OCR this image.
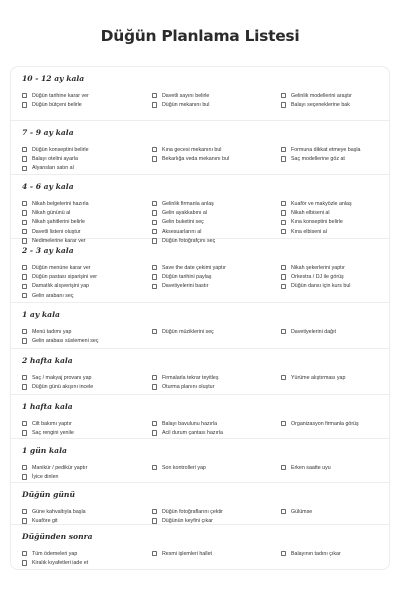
Düğün Planlama Listesi
10 - 12 ay kala
Düğün tarihine karar ver
Düğün bütçeni belirle
Davetli sayını belirle
Düğün mekanını bul
Gelinlik modellerini araştır
Balayı seçeneklerine bak
7 - 9 ay kala
Düğün konseptini belirle
Balayı otelini ayarla
Alyansları satın al
Kına gecesi mekanını bul
Bekarlığa veda mekanını bul
Formuna dikkat etmeye başla
Saç modellerine göz at
4 - 6 ay kala
Nikah belgelerini hazırla
Nikah gününü al
Nikah şahitlerini belirle
Davetli listeni oluştur
Nedimelerine karar ver
Gelinlik firmanla anlaş
Gelin ayakkabını al
Gelin buketini seç
Aksesuarlarını al
Düğün fotoğrafçını seç
Kuaför ve makyözle anlaş
Nikah elbiseni al
Kına konseptini belirle
Kına elbiseni al
2 - 3 ay kala
Düğün menüne karar ver
Düğün pastası siparişini ver
Damatlık alışverişini yap
Gelin arabanı seç
Save the date çekimi yaptır
Düğün tarihini paylaş
Davetiyelerini bastır
Nikah şekerlerini yaptır
Orkestra / DJ ile görüş
Düğün dansı için kurs bul
1 ay kala
Menü tadımı yap
Gelin arabası süslemeni seç
Düğün müziklerini seç	Davetiyelerini dağıt
2 hafta kala
Saç / makyaj provanı yap
Düğün günü akışını incele
Firmalarla tekrar teyitleş
Oturma planını oluştur
Yürüme alıştırması yap
1 hafta kala
Cilt bakımı yaptır
Saç rengini yenile
Balayı bavulunu hazırla
Acil durum çantası hazırla
Organizasyon firmanla görüş
1 gün kala
Manikür / pedikür yaptır
İyice dinlen
Son kontrolleri yap	Erken saatte uyu
Düğün günü
Güne kahvaltıyla başla
Kuaföre git
Düğün fotoğraflarını çektir
Düğünün keyfini çıkar
Gülümse
Düğünden sonra
Tüm ödemeleri yap
Kiralık kıyafetleri iade et
Resmi işlemleri hallet	Balayının tadını çıkar
